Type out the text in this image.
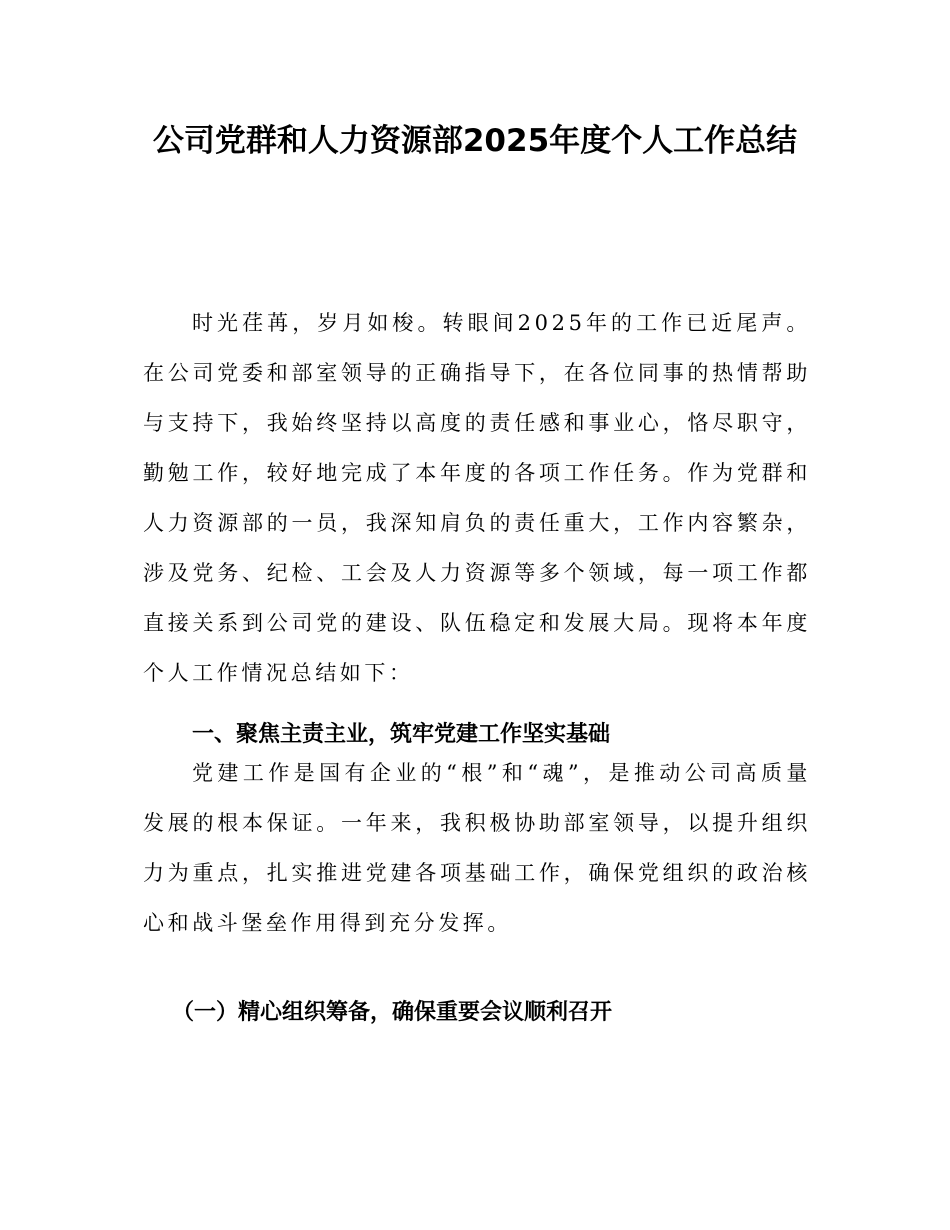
公司党群和人力资源部2025年度个人工作总结

时光荏苒，岁月如梭。转眼间2025年的工作已近尾声。在公司党委和部室领导的正确指导下，在各位同事的热情帮助与支持下，我始终坚持以高度的责任感和事业心，恪尽职守，勤勉工作，较好地完成了本年度的各项工作任务。作为党群和人力资源部的一员，我深知肩负的责任重大，工作内容繁杂，涉及党务、纪检、工会及人力资源等多个领域，每一项工作都直接关系到公司党的建设、队伍稳定和发展大局。现将本年度个人工作情况总结如下：

一、聚焦主责主业，筑牢党建工作坚实基础

党建工作是国有企业的“根”和“魂”，是推动公司高质量发展的根本保证。一年来，我积极协助部室领导，以提升组织力为重点，扎实推进党建各项基础工作，确保党组织的政治核心和战斗堡垒作用得到充分发挥。

（一）精心组织筹备，确保重要会议顺利召开
